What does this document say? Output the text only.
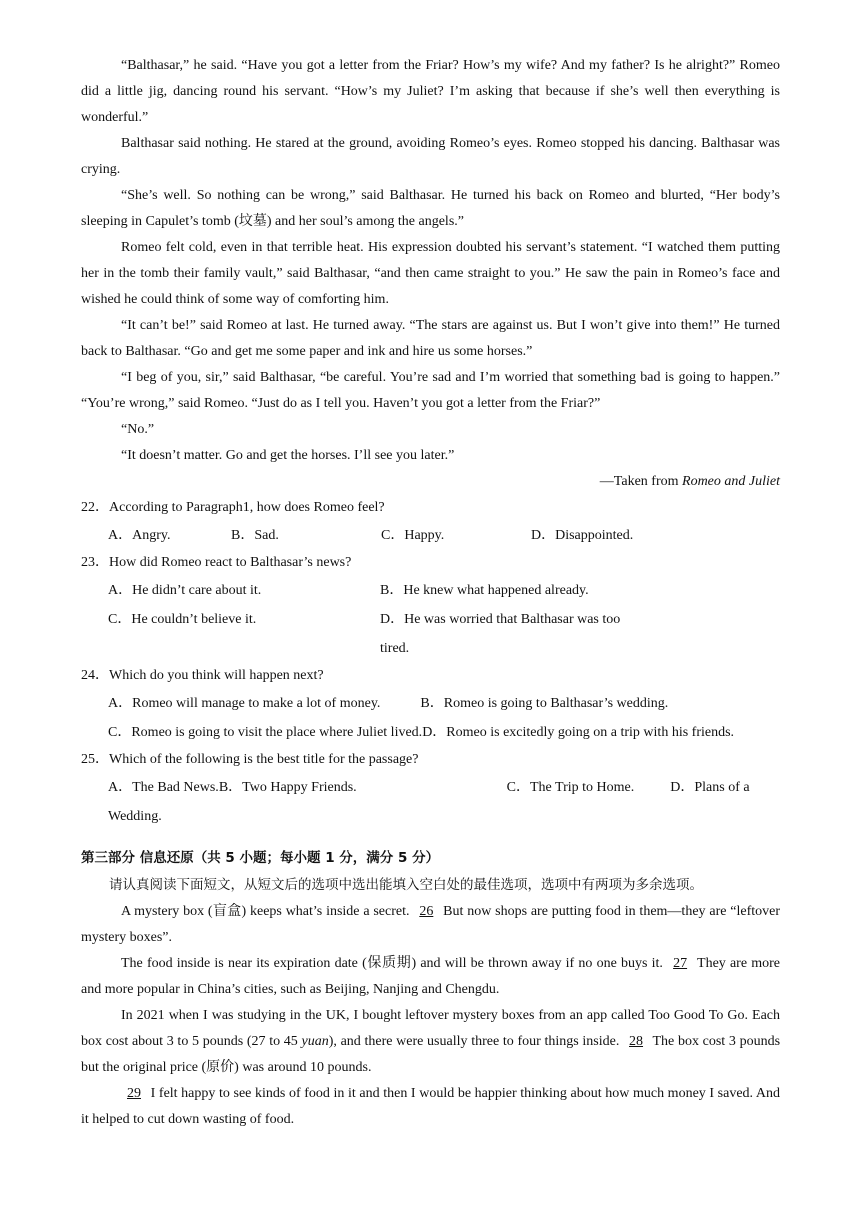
“Balthasar,” he said. “Have you got a letter from the Friar? How’s my wife? And my father? Is he alright?” Romeo did a little jig, dancing round his servant. “How’s my Juliet? I’m asking that because if she’s well then everything is wonderful.”

Balthasar said nothing. He stared at the ground, avoiding Romeo’s eyes. Romeo stopped his dancing. Balthasar was crying.

“She’s well. So nothing can be wrong,” said Balthasar. He turned his back on Romeo and blurted, “Her body’s sleeping in Capulet’s tomb (坟墓) and her soul’s among the angels.”

Romeo felt cold, even in that terrible heat. His expression doubted his servant’s statement. “I watched them putting her in the tomb their family vault,” said Balthasar, “and then came straight to you.” He saw the pain in Romeo’s face and wished he could think of some way of comforting him.

“It can’t be!” said Romeo at last. He turned away. “The stars are against us. But I won’t give into them!” He turned back to Balthasar. “Go and get me some paper and ink and hire us some horses.”

“I beg of you, sir,” said Balthasar, “be careful. You’re sad and I’m worried that something bad is going to happen.” “You’re wrong,” said Romeo. “Just do as I tell you. Haven’t you got a letter from the Friar?”

“No.”

“It doesn’t matter. Go and get the horses. I’ll see you later.”

—Taken from Romeo and Juliet
22．According to Paragraph1, how does Romeo feel?
A．Angry.	B．Sad.	C．Happy.	D．Disappointed.
23．How did Romeo react to Balthasar’s news?
A．He didn’t care about it.	B．He knew what happened already.
C．He couldn’t believe it.	D．He was worried that Balthasar was too tired.
24．Which do you think will happen next?
A．Romeo will manage to make a lot of money.	B．Romeo is going to Balthasar’s wedding.
C．Romeo is going to visit the place where Juliet lived.D．Romeo is excitedly going on a trip with his friends.
25．Which of the following is the best title for the passage?
A．The Bad News.B．Two Happy Friends.	C．The Trip to Home.	D．Plans of a Wedding.
第三部分 信息还原（共 5 小题；每小题 1 分，满分 5 分）

请认真阅读下面短文，从短文后的选项中选出能填入空白处的最佳选项，选项中有两项为多余选项。

A mystery box (盲盒) keeps what’s inside a secret. 26 But now shops are putting food in them—they are “leftover mystery boxes”.

The food inside is near its expiration date (保质期) and will be thrown away if no one buys it. 27 They are more and more popular in China’s cities, such as Beijing, Nanjing and Chengdu.

In 2021 when I was studying in the UK, I bought leftover mystery boxes from an app called Too Good To Go. Each box cost about 3 to 5 pounds (27 to 45 yuan), and there were usually three to four things inside. 28 The box cost 3 pounds but the original price (原价) was around 10 pounds.

29 I felt happy to see kinds of food in it and then I would be happier thinking about how much money I saved. And it helped to cut down wasting of food.
